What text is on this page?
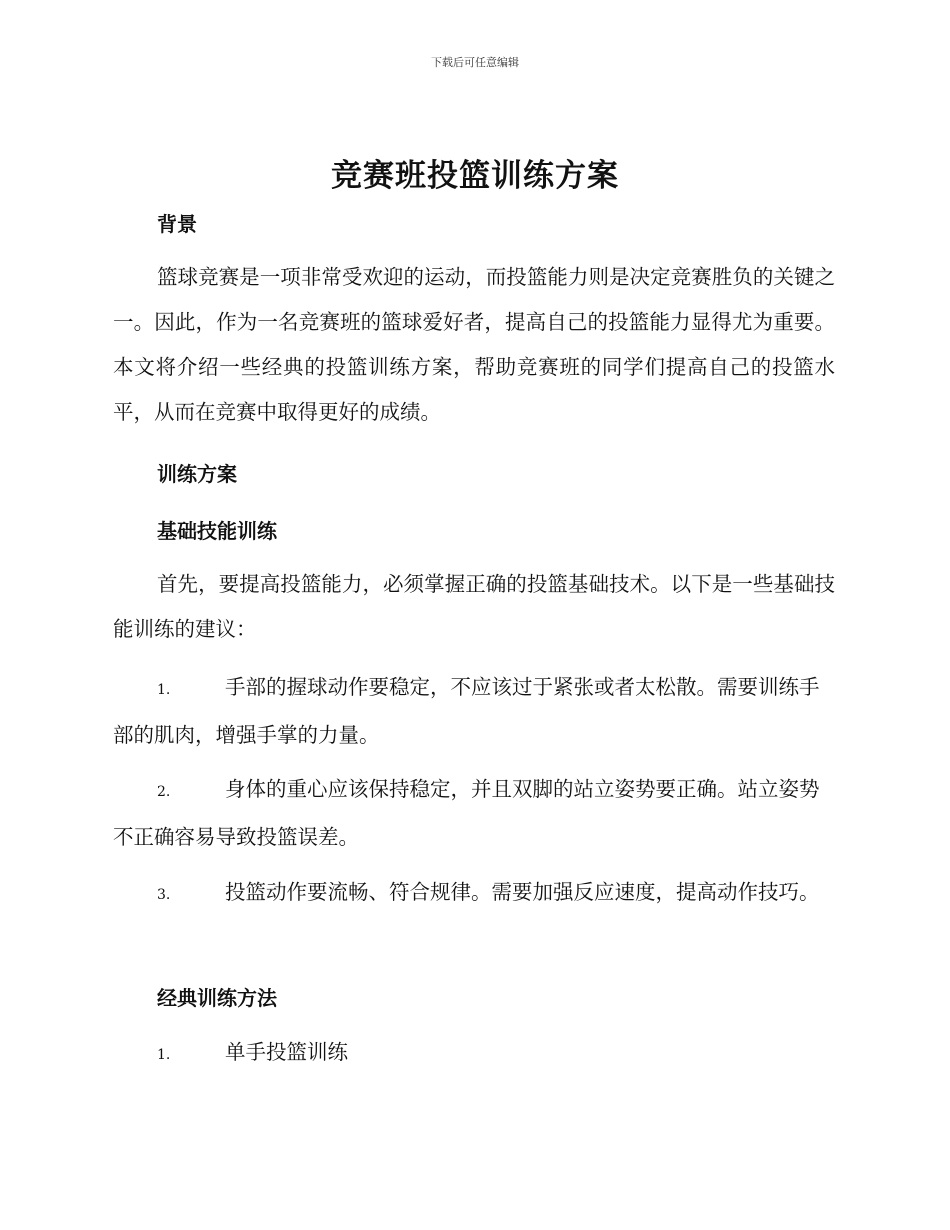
下载后可任意编辑
竞赛班投篮训练方案
背景
篮球竞赛是一项非常受欢迎的运动，而投篮能力则是决定竞赛胜负的关键之一。因此，作为一名竞赛班的篮球爱好者，提高自己的投篮能力显得尤为重要。本文将介绍一些经典的投篮训练方案，帮助竞赛班的同学们提高自己的投篮水平，从而在竞赛中取得更好的成绩。
训练方案
基础技能训练
首先，要提高投篮能力，必须掌握正确的投篮基础技术。以下是一些基础技能训练的建议：
1.	手部的握球动作要稳定，不应该过于紧张或者太松散。需要训练手部的肌肉，增强手掌的力量。
2.	身体的重心应该保持稳定，并且双脚的站立姿势要正确。站立姿势不正确容易导致投篮误差。
3.	投篮动作要流畅、符合规律。需要加强反应速度，提高动作技巧。
经典训练方法
1.	单手投篮训练
